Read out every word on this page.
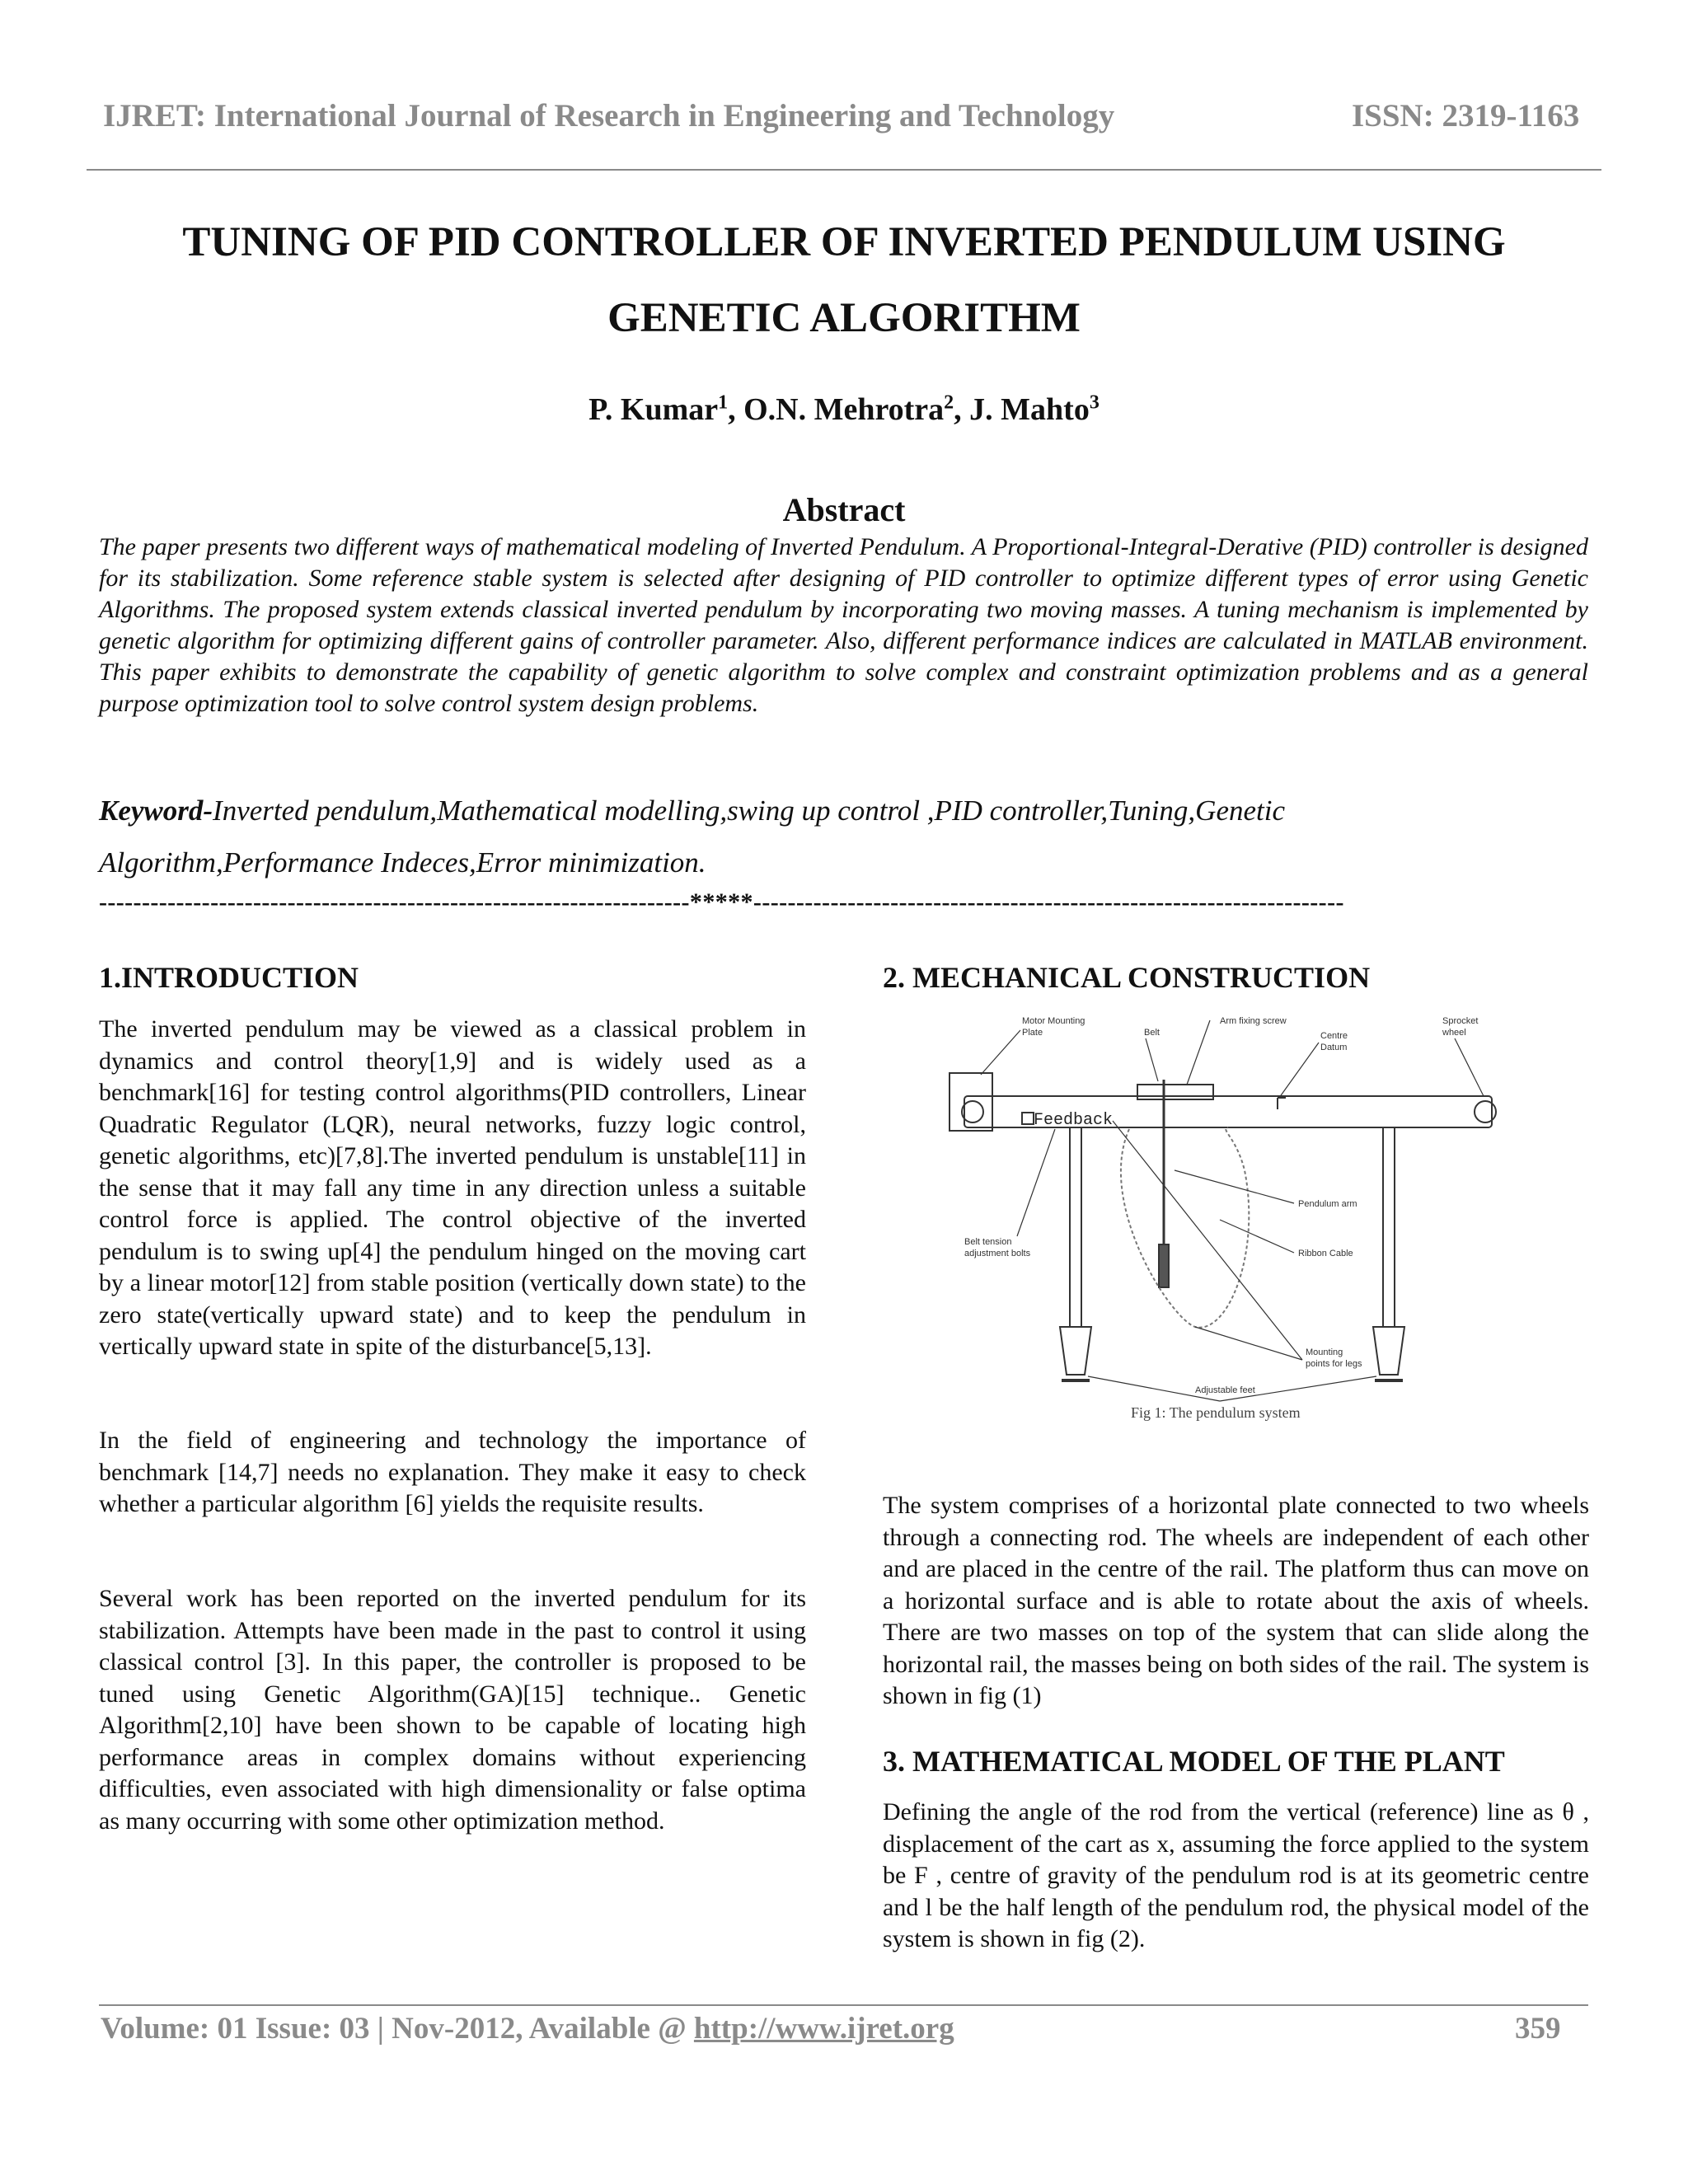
IJRET: International Journal of Research in Engineering and Technology	ISSN: 2319-1163
TUNING OF PID CONTROLLER OF INVERTED PENDULUM USING
GENETIC ALGORITHM
P. Kumar$^1$, O.N. Mehrotra$^2$, J. Mahto$^3$
Abstract
The paper presents two different ways of mathematical modeling of Inverted Pendulum. A Proportional-Integral-Derative (PID) controller is designed for its stabilization. Some reference stable system is selected after designing of PID controller to optimize different types of error using Genetic Algorithms. The proposed system extends classical inverted pendulum by incorporating two moving masses. A tuning mechanism is implemented by genetic algorithm for optimizing different gains of controller parameter. Also, different performance indices are calculated in MATLAB environment. This paper exhibits to demonstrate the capability of genetic algorithm to solve complex and constraint optimization problems and as a general purpose optimization tool to solve control system design problems.
Keyword-Inverted pendulum,Mathematical modelling,swing up control ,PID controller,Tuning,Genetic
Algorithm,Performance Indeces,Error minimization.
---------------------------------------------------------------------*****---------------------------------------------------------------------
1.INTRODUCTION
The inverted pendulum may be viewed as a classical problem in dynamics and control theory[1,9] and is widely used as a benchmark[16] for testing control algorithms(PID controllers, Linear Quadratic Regulator (LQR), neural networks, fuzzy logic control, genetic algorithms, etc)[7,8].The inverted pendulum is unstable[11] in the sense that it may fall any time in any direction unless a suitable control force is applied. The control objective of the inverted pendulum is to swing up[4] the pendulum hinged on the moving cart by a linear motor[12] from stable position (vertically down state) to the zero state(vertically upward state) and to keep the pendulum in vertically upward state in spite of the disturbance[5,13].
In the field of engineering and technology the importance of benchmark [14,7] needs no explanation. They make it easy to check whether a particular algorithm [6] yields the requisite results.
Several work has been reported on the inverted pendulum for its stabilization. Attempts have been made in the past to control it using classical control [3]. In this paper, the controller is proposed to be tuned using Genetic Algorithm(GA)[15] technique.. Genetic Algorithm[2,10] have been shown to be capable of locating high performance areas in complex domains without experiencing difficulties, even associated with high dimensionality or false optima as many occurring with some other optimization method.
2. MECHANICAL CONSTRUCTION
Motor Mounting
Plate	Belt
Arm fixing screw
Centre
Datum
Sprocket
wheel
Feedback
Pendulum arm
Ribbon Cable
Belt tension
adjustment bolts
Mounting
points for legs
Adjustable feet
Fig 1: The pendulum system
The system comprises of a horizontal plate connected to two wheels through a connecting rod. The wheels are independent of each other and are placed in the centre of the rail. The platform thus can move on a horizontal surface and is able to rotate about the axis of wheels. There are two masses on top of the system that can slide along the horizontal rail, the masses being on both sides of the rail. The system is shown in fig (1)
3. MATHEMATICAL MODEL OF THE PLANT
Defining the angle of the rod from the vertical (reference) line as θ , displacement of the cart as x, assuming the force applied to the system be F , centre of gravity of the pendulum rod is at its geometric centre and l be the half length of the pendulum rod, the physical model of the system is shown in fig (2).
Volume: 01 Issue: 03 | Nov-2012, Available @ http://www.ijret.org	359
